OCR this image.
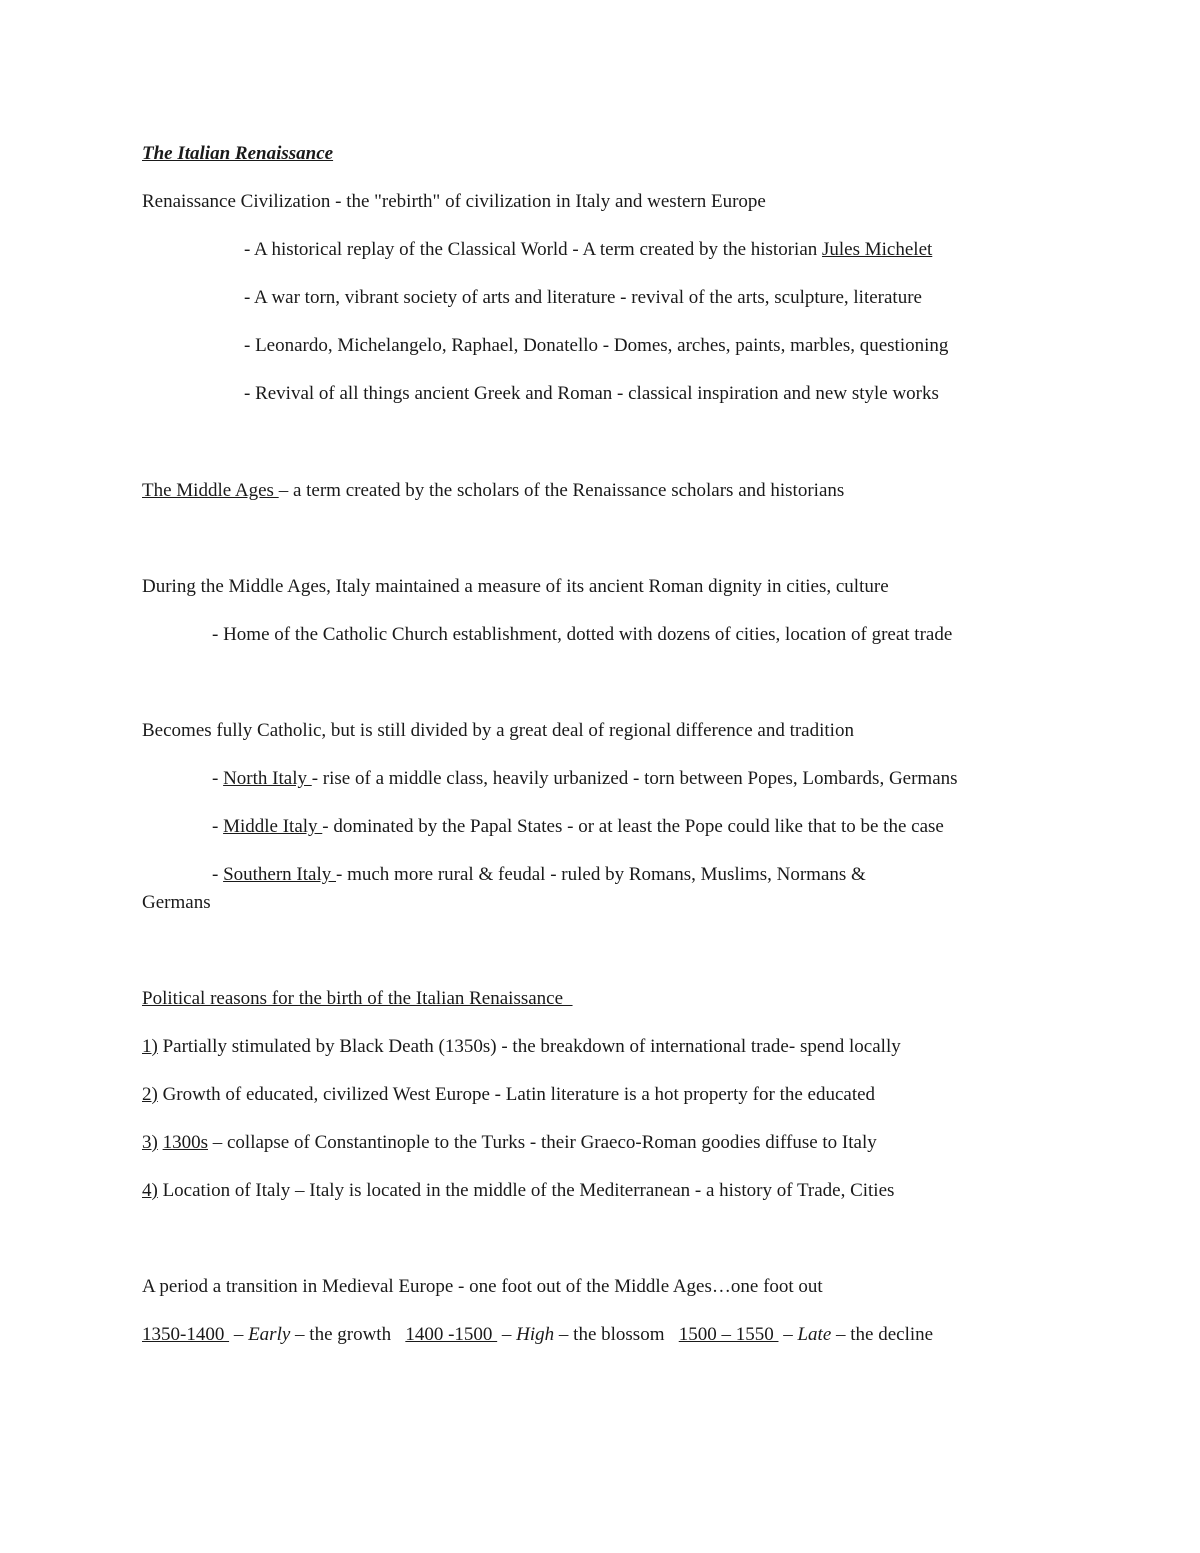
The Italian Renaissance
Renaissance Civilization - the "rebirth" of civilization in Italy and western Europe
- A historical replay of the Classical World - A term created by the historian Jules Michelet
- A war torn, vibrant society of arts and literature - revival of the arts, sculpture, literature
- Leonardo, Michelangelo, Raphael, Donatello - Domes, arches, paints, marbles, questioning
- Revival of all things ancient Greek and Roman - classical inspiration and new style works
The Middle Ages – a term created by the scholars of the Renaissance scholars and historians
During the Middle Ages, Italy maintained a measure of its ancient Roman dignity in cities, culture
- Home of the Catholic Church establishment, dotted with dozens of cities, location of great trade
Becomes fully Catholic, but is still divided by a great deal of regional difference and tradition
- North Italy - rise of a middle class, heavily urbanized - torn between Popes, Lombards, Germans
- Middle Italy - dominated by the Papal States - or at least the Pope could like that to be the case
- Southern Italy - much more rural & feudal - ruled by Romans, Muslims, Normans &
Germans
Political reasons for the birth of the Italian Renaissance
1) Partially stimulated by Black Death (1350s) - the breakdown of international trade- spend locally
2) Growth of educated, civilized West Europe - Latin literature is a hot property for the educated
3) 1300s – collapse of Constantinople to the Turks - their Graeco-Roman goodies diffuse to Italy
4) Location of Italy – Italy is located in the middle of the Mediterranean - a history of Trade, Cities
A period a transition in Medieval Europe - one foot out of the Middle Ages…one foot out
1350-1400  – Early – the growth   1400 -1500  – High – the blossom   1500 – 1550  – Late – the decline
